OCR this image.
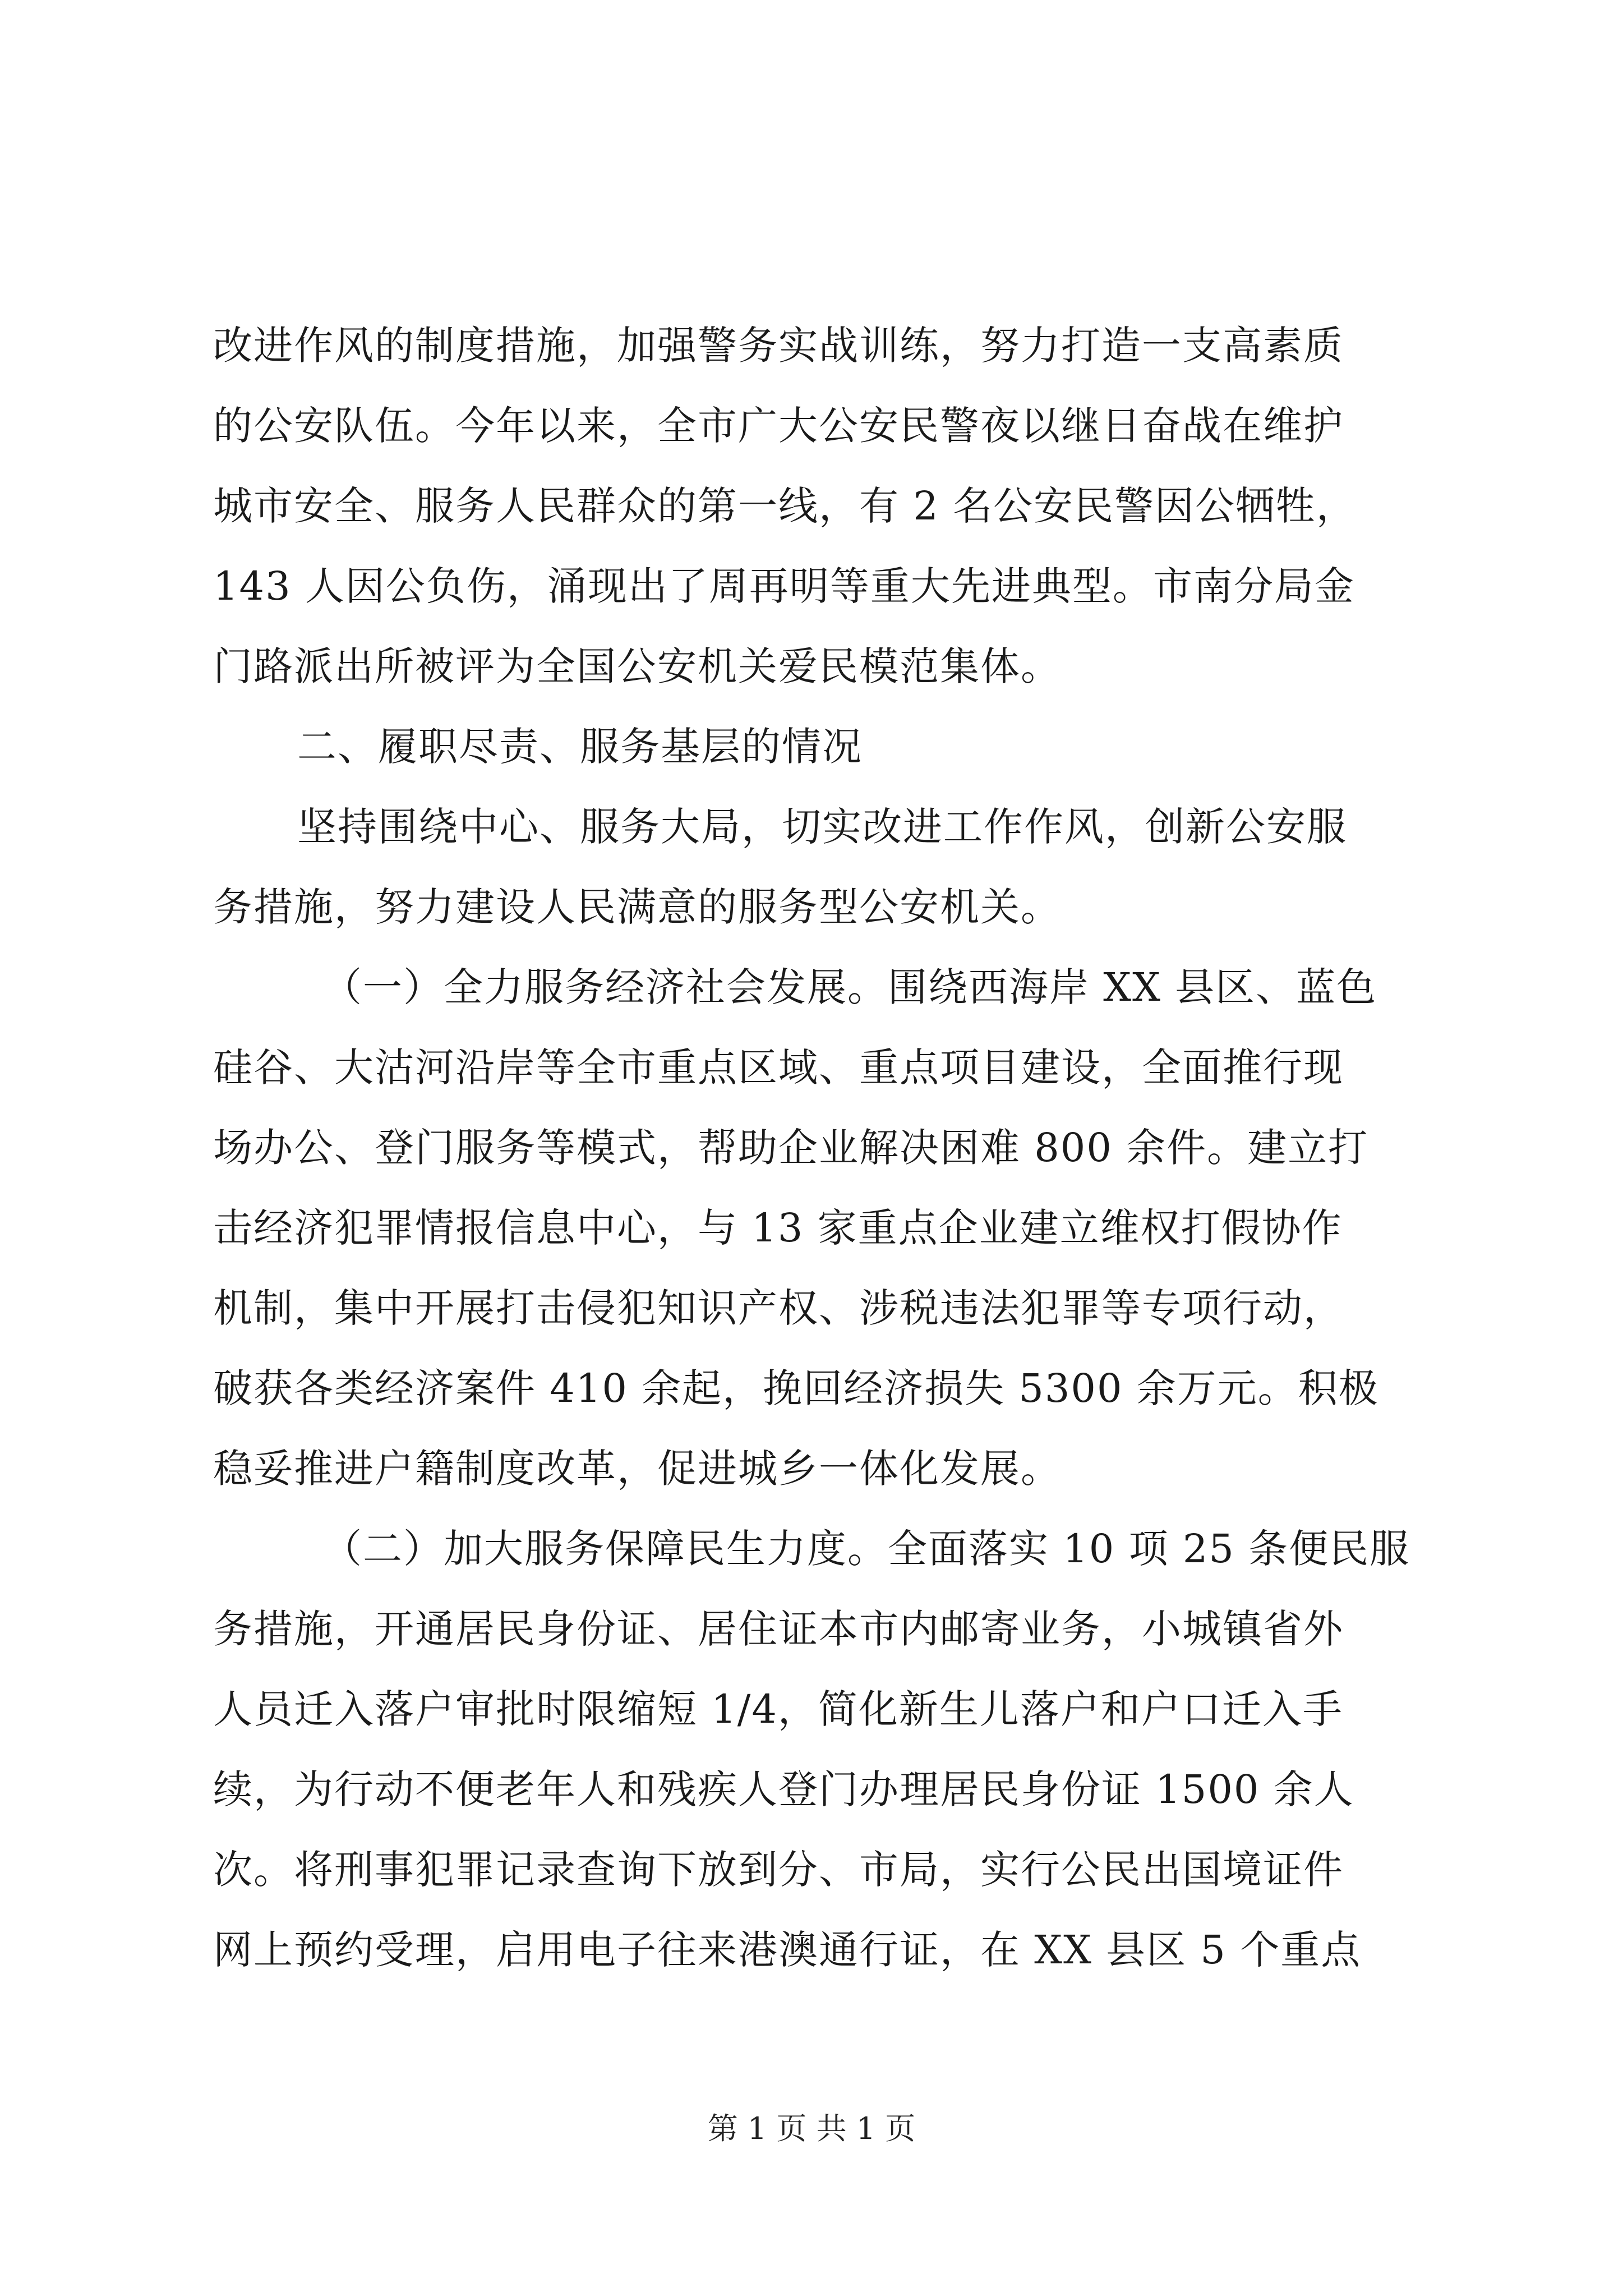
改进作风的制度措施，加强警务实战训练，努力打造一支高素质
的公安队伍。今年以来，全市广大公安民警夜以继日奋战在维护
城市安全、服务人民群众的第一线，有 2 名公安民警因公牺牲，
143 人因公负伤，涌现出了周再明等重大先进典型。市南分局金
门路派出所被评为全国公安机关爱民模范集体。
二、履职尽责、服务基层的情况
坚持围绕中心、服务大局，切实改进工作作风，创新公安服
务措施，努力建设人民满意的服务型公安机关。
（一）全力服务经济社会发展。围绕西海岸 XX 县区、蓝色
硅谷、大沽河沿岸等全市重点区域、重点项目建设，全面推行现
场办公、登门服务等模式，帮助企业解决困难 800 余件。建立打
击经济犯罪情报信息中心，与 13 家重点企业建立维权打假协作
机制，集中开展打击侵犯知识产权、涉税违法犯罪等专项行动，
破获各类经济案件 410 余起，挽回经济损失 5300 余万元。积极
稳妥推进户籍制度改革，促进城乡一体化发展。
（二）加大服务保障民生力度。全面落实 10 项 25 条便民服
务措施，开通居民身份证、居住证本市内邮寄业务，小城镇省外
人员迁入落户审批时限缩短 1/4，简化新生儿落户和户口迁入手
续，为行动不便老年人和残疾人登门办理居民身份证 1500 余人
次。将刑事犯罪记录查询下放到分、市局，实行公民出国境证件
网上预约受理，启用电子往来港澳通行证，在 XX 县区 5 个重点
第 1 页 共 1 页
